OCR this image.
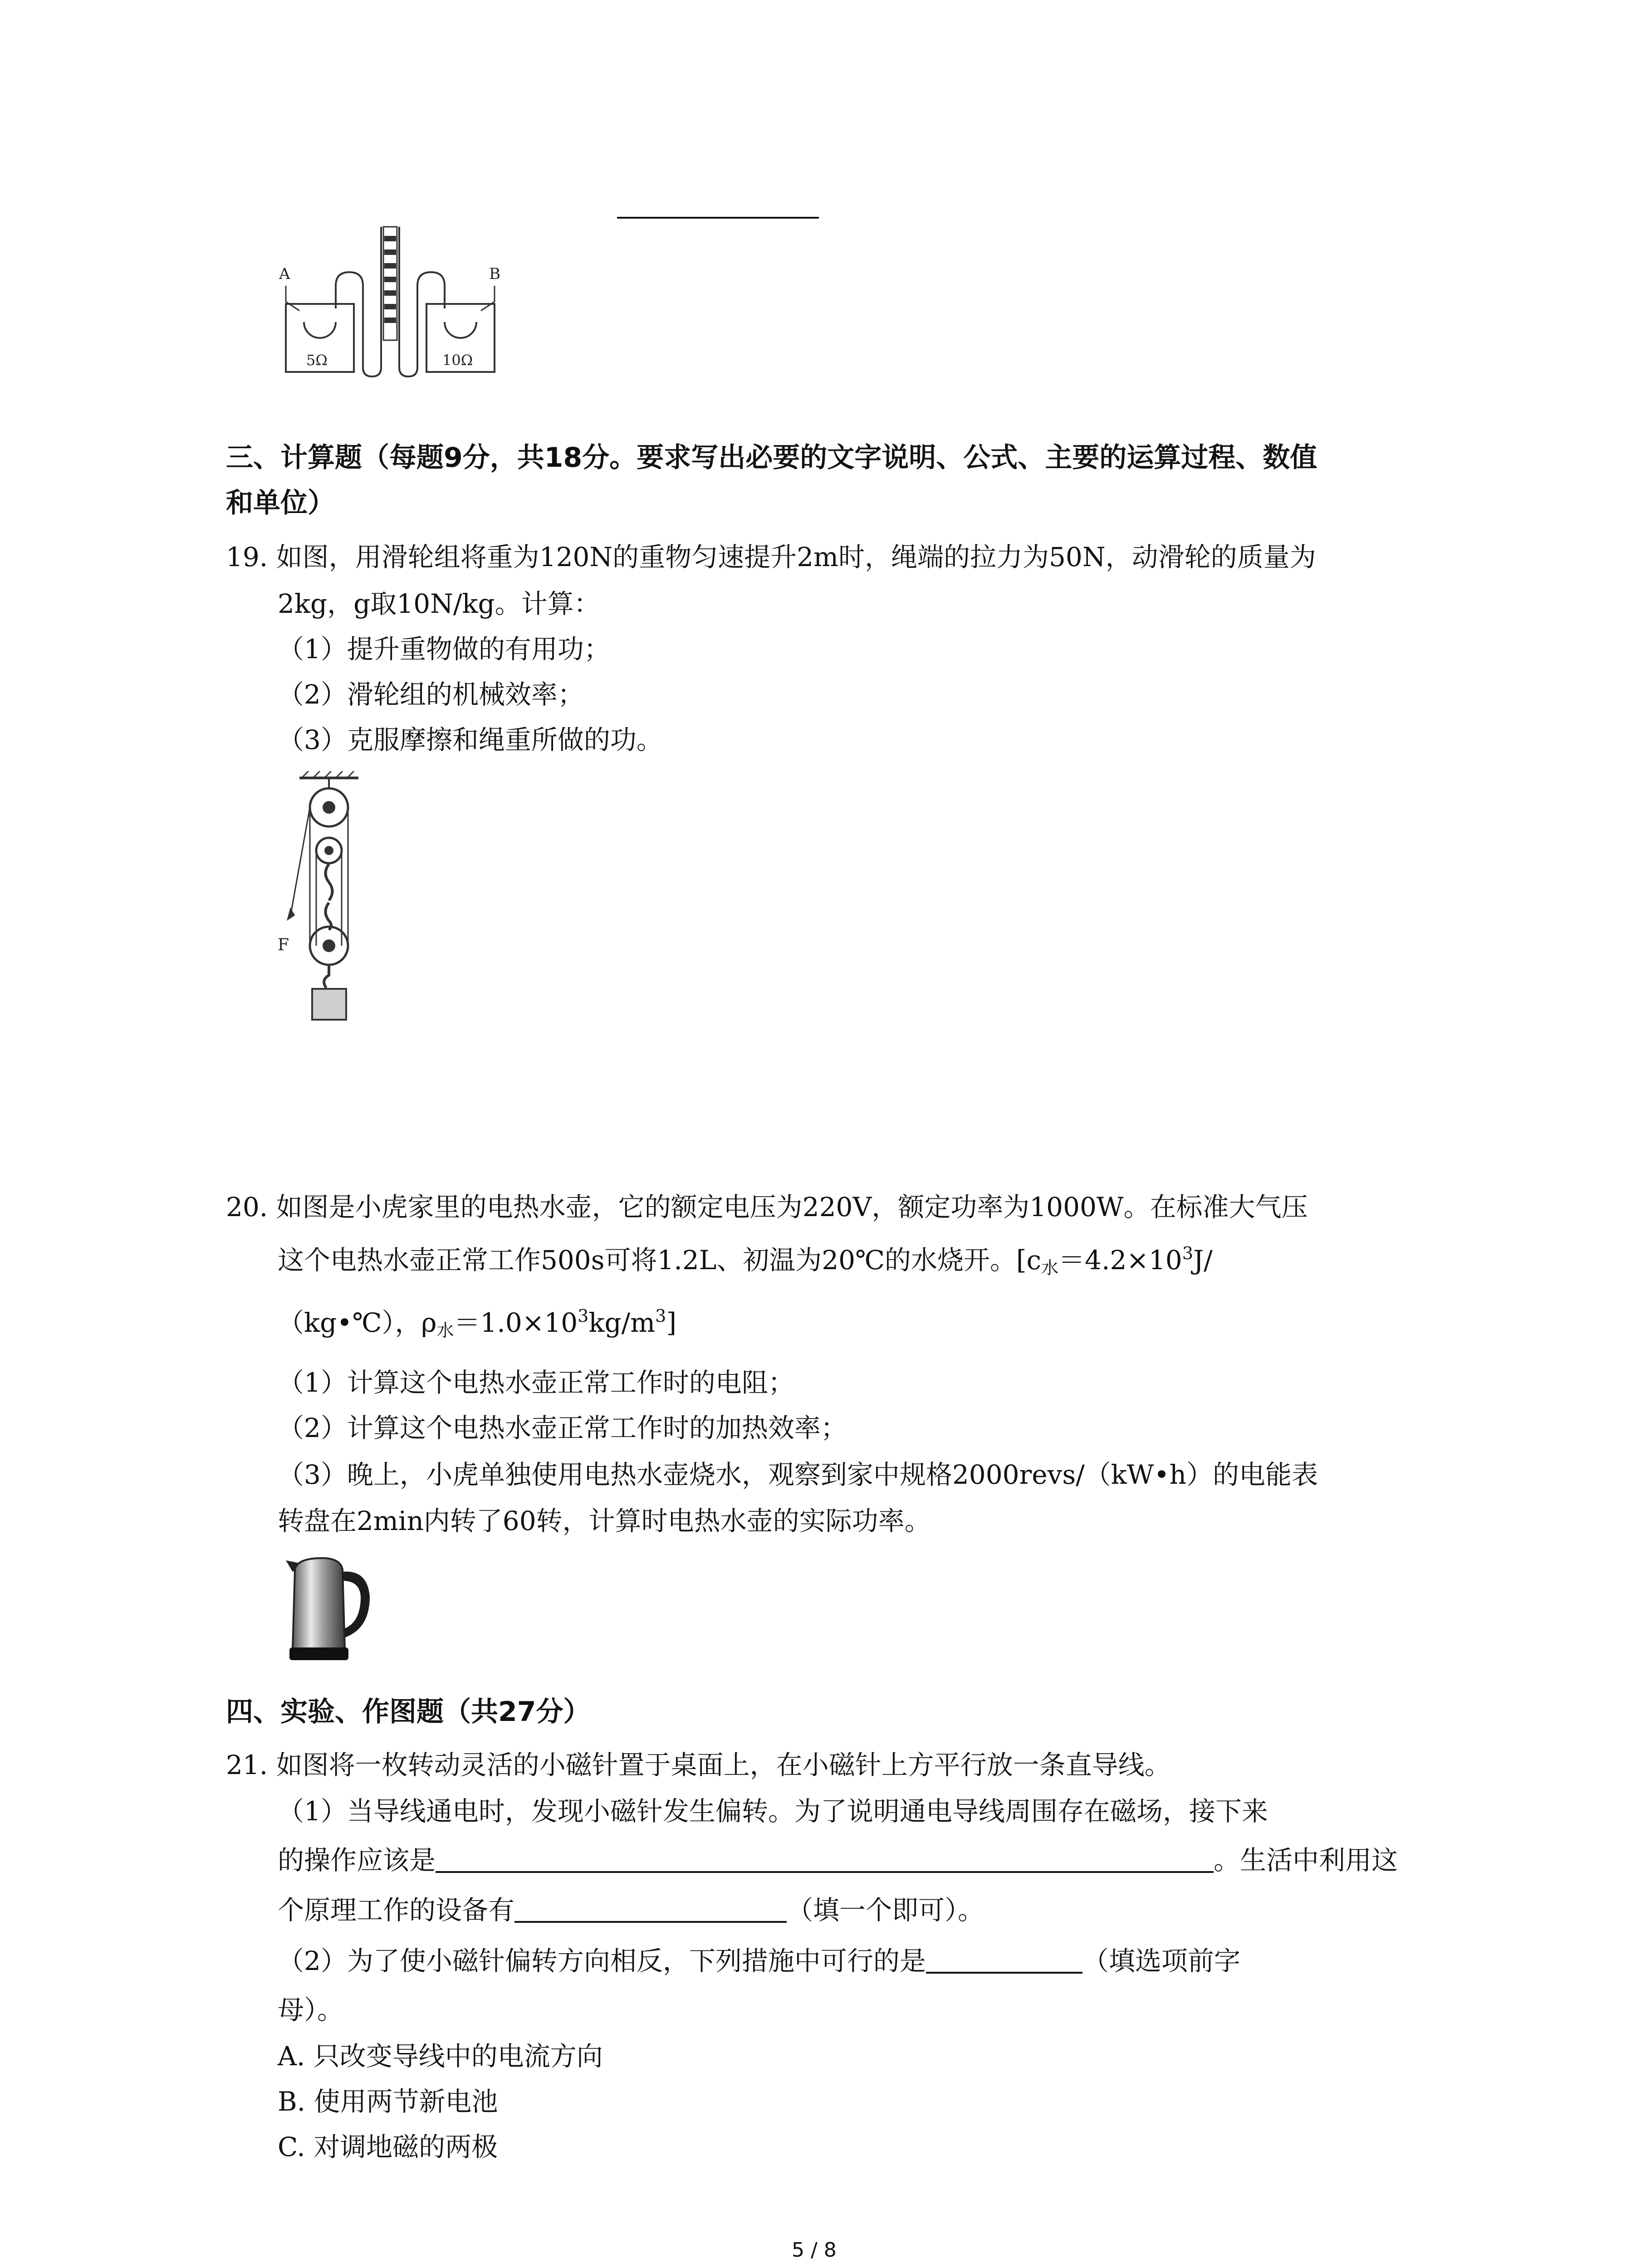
A	B
5Ω	10Ω
三、计算题（每题9分，共18分。要求写出必要的文字说明、公式、主要的运算过程、数值
和单位）
19. 如图，用滑轮组将重为120N的重物匀速提升2m时，绳端的拉力为50N，动滑轮的质量为
2kg，g取10N/kg。计算：
（1）提升重物做的有用功；
（2）滑轮组的机械效率；
（3）克服摩擦和绳重所做的功。
F
20. 如图是小虎家里的电热水壶，它的额定电压为220V，额定功率为1000W。在标准大气压
这个电热水壶正常工作500s可将1.2L、初温为20℃的水烧开。[$c_水=4.2\times 10^3J/$
（kg•℃），$\rho_水=1.0\times 10^3kg/m^3$]
（1）计算这个电热水壶正常工作时的电阻；
（2）计算这个电热水壶正常工作时的加热效率；
（3）晚上，小虎单独使用电热水壶烧水，观察到家中规格2000revs/（kW•h）的电能表
转盘在2min内转了60转，计算时电热水壶的实际功率。
四、实验、作图题（共27分）
21. 如图将一枚转动灵活的小磁针置于桌面上，在小磁针上方平行放一条直导线。
（1）当导线通电时，发现小磁针发生偏转。为了说明通电导线周围存在磁场，接下来
的操作应该是	。生活中利用这
个原理工作的设备有	（填一个即可）。
（2）为了使小磁针偏转方向相反，下列措施中可行的是	（填选项前字
母）。
A. 只改变导线中的电流方向
B. 使用两节新电池
C. 对调地磁的两极
5 / 8
